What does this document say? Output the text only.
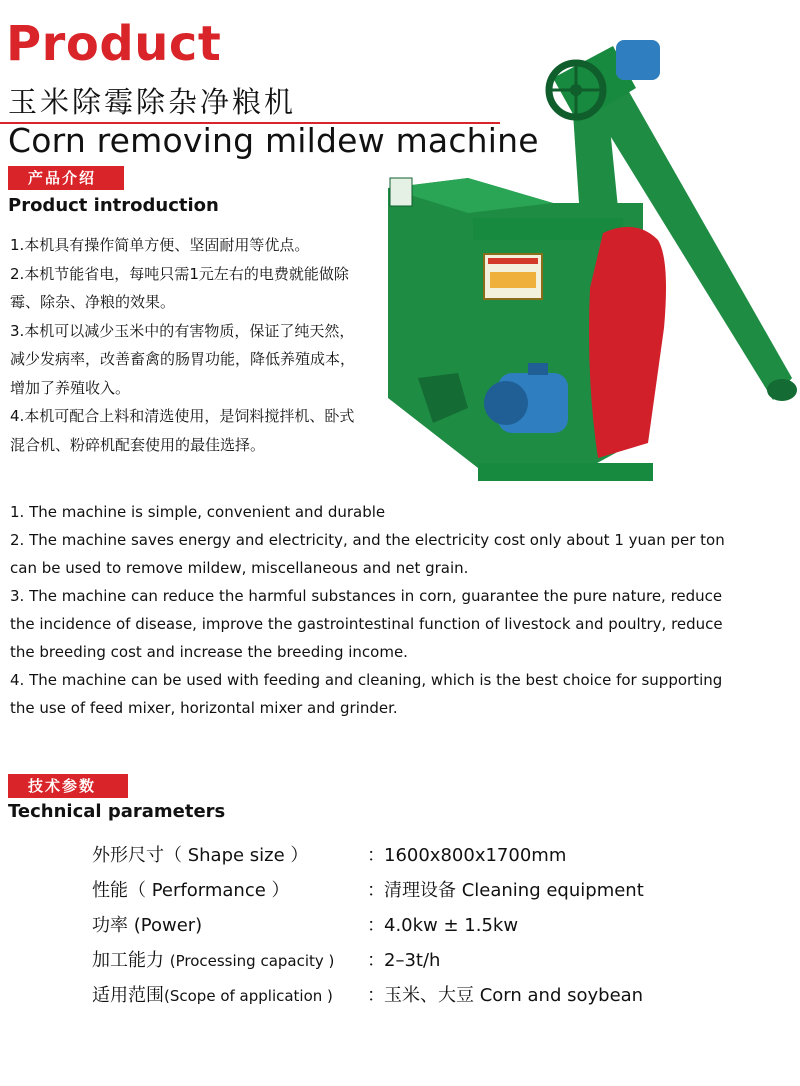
Product
玉米除霉除杂净粮机
Corn removing mildew machine
产品介绍
Product introduction

1.本机具有操作简单方便、坚固耐用等优点。

2.本机节能省电，每吨只需1元左右的电费就能做除霉、除杂、净粮的效果。

3.本机可以减少玉米中的有害物质，保证了纯天然，减少发病率，改善畜禽的肠胃功能，降低养殖成本，增加了养殖收入。

4.本机可配合上料和清选使用，是饲料搅拌机、卧式混合机、粉碎机配套使用的最佳选择。

1. The machine is simple, convenient and durable

2. The machine saves energy and electricity, and the electricity cost only about 1 yuan per ton can be used to remove mildew, miscellaneous and net grain.

3. The machine can reduce the harmful substances in corn, guarantee the pure nature, reduce the incidence of disease, improve the gastrointestinal function of livestock and poultry, reduce the breeding cost and increase the breeding income.

4. The machine can be used with feeding and cleaning, which is the best choice for supporting the use of feed mixer, horizontal mixer and grinder.

技术参数
Technical parameters
外形尺寸（ Shape size ）	： 1600x800x1700mm
性能（ Performance ）	： 清理设备 Cleaning equipment
功率 (Power)	： 4.0kw ± 1.5kw
加工能力 (Processing capacity ) ： 2–3t/h
适用范围(Scope of application ) ： 玉米、大豆 Corn and soybean
